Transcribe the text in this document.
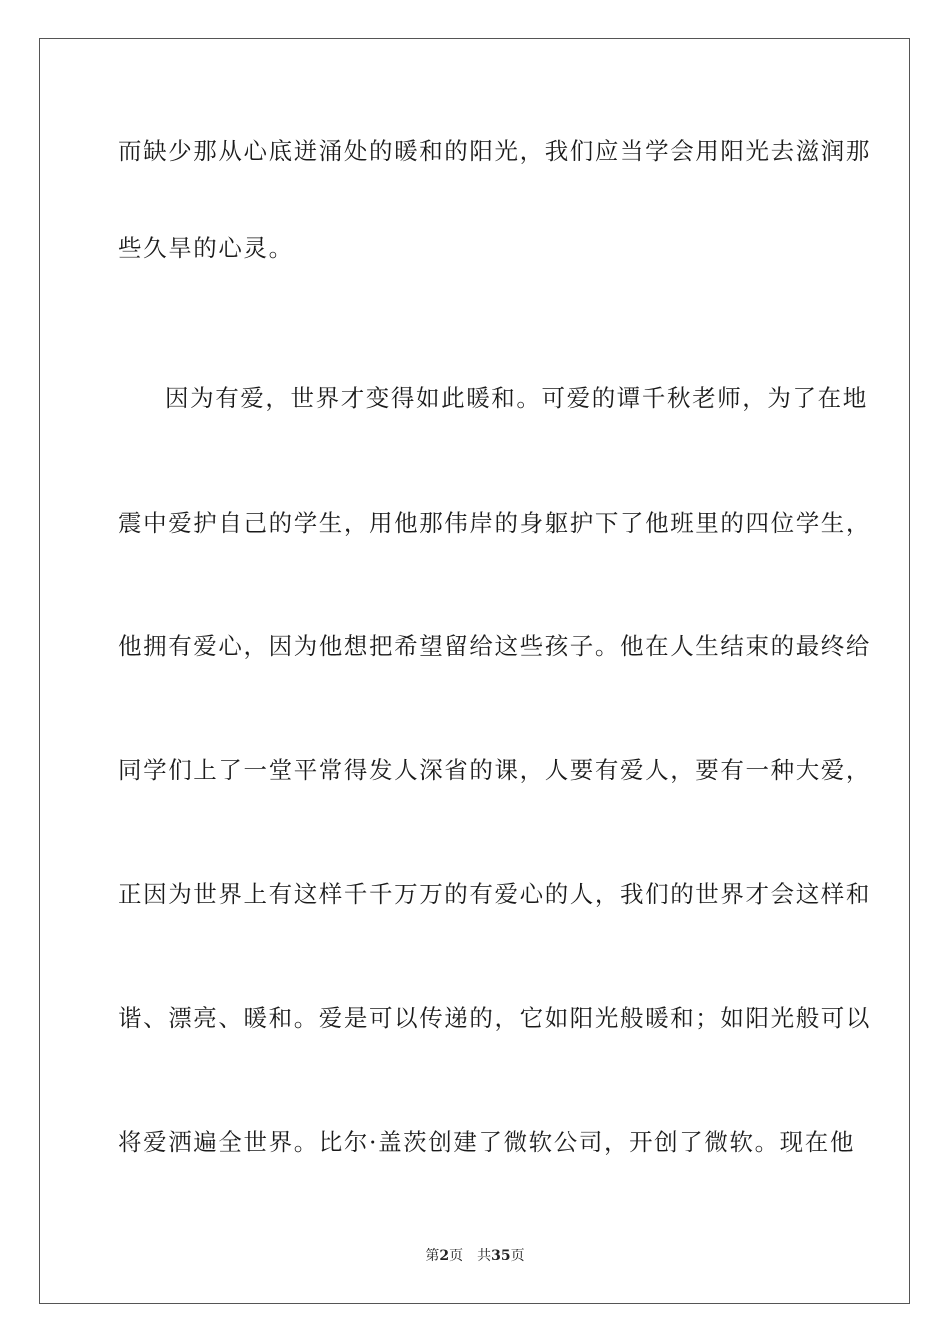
而缺少那从心底迸涌处的暖和的阳光，我们应当学会用阳光去滋润那
些久旱的心灵。
因为有爱，世界才变得如此暖和。可爱的谭千秋老师，为了在地
震中爱护自己的学生，用他那伟岸的身躯护下了他班里的四位学生，
他拥有爱心，因为他想把希望留给这些孩子。他在人生结束的最终给
同学们上了一堂平常得发人深省的课，人要有爱人，要有一种大爱，
正因为世界上有这样千千万万的有爱心的人，我们的世界才会这样和
谐、漂亮、暖和。爱是可以传递的，它如阳光般暖和；如阳光般可以
将爱洒遍全世界。比尔·盖茨创建了微软公司，开创了微软。现在他
第2页 共35页
